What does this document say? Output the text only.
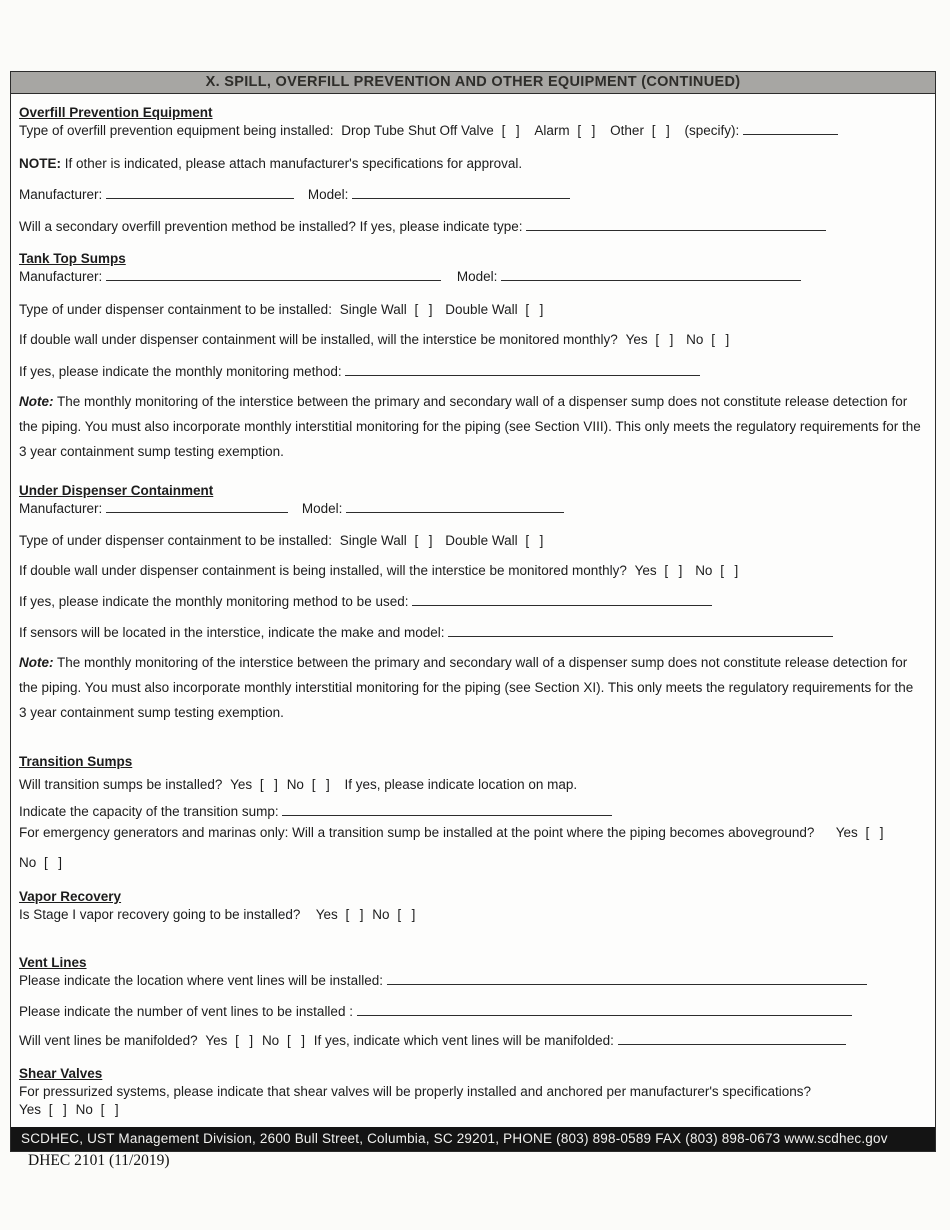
X. SPILL, OVERFILL PREVENTION AND OTHER EQUIPMENT (CONTINUED)
Overfill Prevention Equipment
Type of overfill prevention equipment being installed: Drop Tube Shut Off Valve [  ] Alarm [  ] Other [  ] (specify):
NOTE: If other is indicated, please attach manufacturer's specifications for approval.
Manufacturer:	Model:
Will a secondary overfill prevention method be installed? If yes, please indicate type:
Tank Top Sumps
Manufacturer:	Model:
Type of under dispenser containment to be installed: Single Wall [  ] Double Wall [  ]
If double wall under dispenser containment will be installed, will the interstice be monitored monthly? Yes [  ] No [  ]
If yes, please indicate the monthly monitoring method:
Note: The monthly monitoring of the interstice between the primary and secondary wall of a dispenser sump does not constitute release detection for the piping. You must also incorporate monthly interstitial monitoring for the piping (see Section VIII). This only meets the regulatory requirements for the 3 year containment sump testing exemption.
Under Dispenser Containment
Manufacturer:	Model:
Type of under dispenser containment to be installed: Single Wall [  ] Double Wall [  ]
If double wall under dispenser containment is being installed, will the interstice be monitored monthly? Yes [  ] No [  ]
If yes, please indicate the monthly monitoring method to be used:
If sensors will be located in the interstice, indicate the make and model:
Note: The monthly monitoring of the interstice between the primary and secondary wall of a dispenser sump does not constitute release detection for the piping. You must also incorporate monthly interstitial monitoring for the piping (see Section XI). This only meets the regulatory requirements for the 3 year containment sump testing exemption.
Transition Sumps
Will transition sumps be installed? Yes [  ] No [  ] If yes, please indicate location on map.
Indicate the capacity of the transition sump:
For emergency generators and marinas only: Will a transition sump be installed at the point where the piping becomes aboveground? Yes [  ]
No [  ]
Vapor Recovery
Is Stage I vapor recovery going to be installed? Yes [  ] No [  ]
Vent Lines
Please indicate the location where vent lines will be installed:
Please indicate the number of vent lines to be installed :
Will vent lines be manifolded? Yes [  ] No [  ] If yes, indicate which vent lines will be manifolded:
Shear Valves
For pressurized systems, please indicate that shear valves will be properly installed and anchored per manufacturer's specifications?
Yes [  ] No [  ]
SCDHEC, UST Management Division, 2600 Bull Street, Columbia, SC 29201, PHONE (803) 898-0589 FAX (803) 898-0673 www.scdhec.gov
DHEC 2101 (11/2019)
